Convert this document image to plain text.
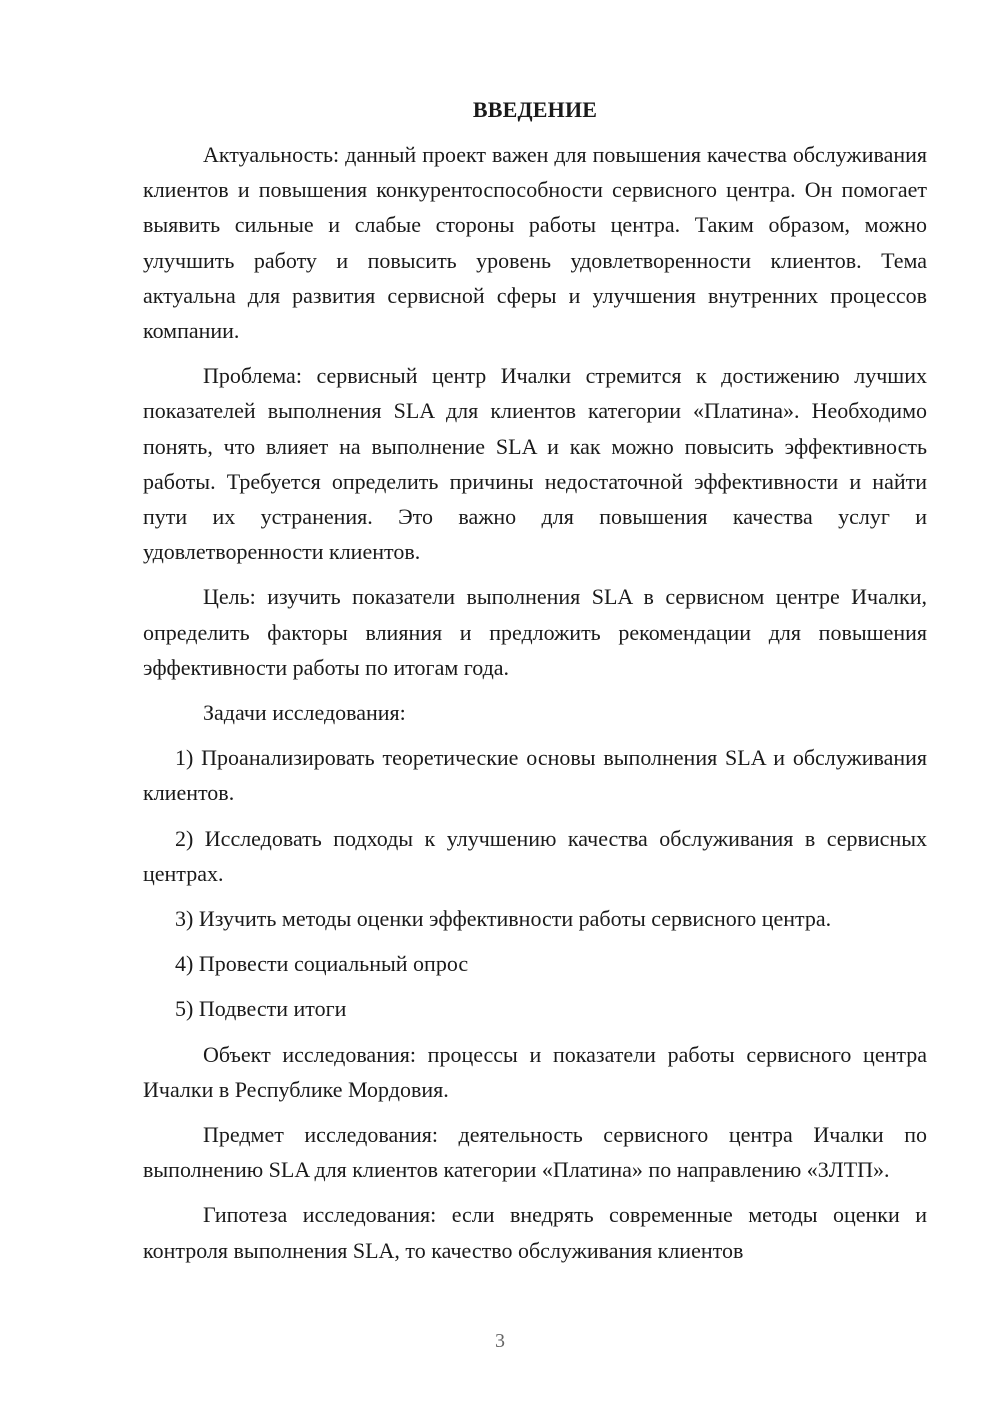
ВВЕДЕНИЕ

Актуальность: данный проект важен для повышения качества обслуживания клиентов и повышения конкурентоспособности сервисного центра. Он помогает выявить сильные и слабые стороны работы центра. Таким образом, можно улучшить работу и повысить уровень удовлетворенности клиентов. Тема актуальна для развития сервисной сферы и улучшения внутренних процессов компании.

Проблема: сервисный центр Ичалки стремится к достижению лучших показателей выполнения SLA для клиентов категории «Платина». Необходимо понять, что влияет на выполнение SLA и как можно повысить эффективность работы. Требуется определить причины недостаточной эффективности и найти пути их устранения. Это важно для повышения качества услуг и удовлетворенности клиентов.

Цель: изучить показатели выполнения SLA в сервисном центре Ичалки, определить факторы влияния и предложить рекомендации для повышения эффективности работы по итогам года.

Задачи исследования:

1) Проанализировать теоретические основы выполнения SLA и обслуживания клиентов.

2) Исследовать подходы к улучшению качества обслуживания в сервисных центрах.

3) Изучить методы оценки эффективности работы сервисного центра.

4) Провести социальный опрос

5) Подвести итоги

Объект исследования: процессы и показатели работы сервисного центра Ичалки в Республике Мордовия.

Предмет исследования: деятельность сервисного центра Ичалки по выполнению SLA для клиентов категории «Платина» по направлению «3ЛТП».

Гипотеза исследования: если внедрять современные методы оценки и контроля выполнения SLA, то качество обслуживания клиентов

3
